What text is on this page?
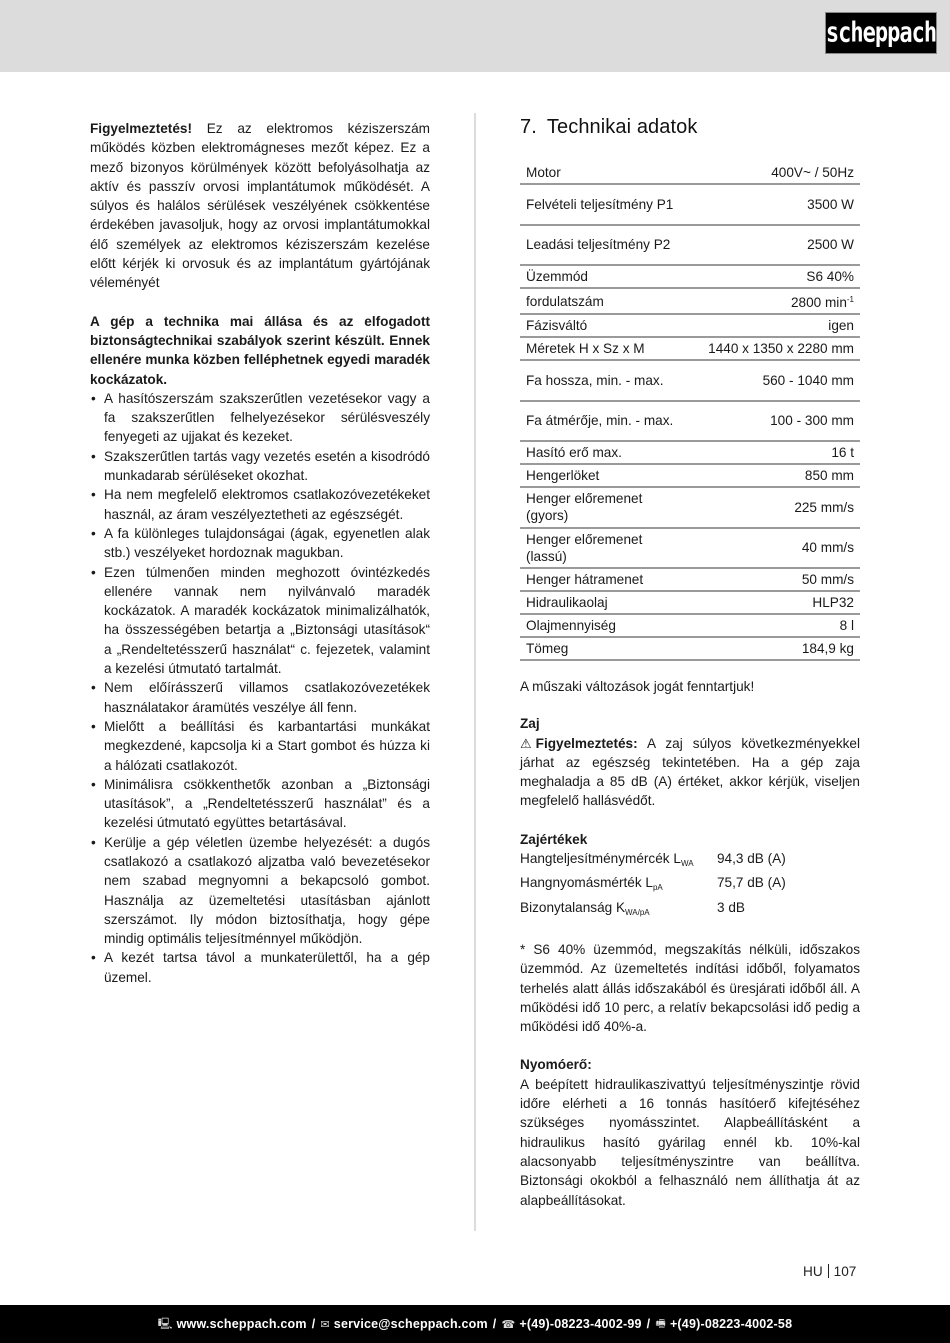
scheppach

Figyelmeztetés! Ez az elektromos kéziszerszám működés közben elektromágneses mezőt képez. Ez a mező bizonyos körülmények között befolyásolhatja az aktív és passzív orvosi implantátumok működését. A súlyos és halálos sérülések veszélyének csökkentése érdekében javasoljuk, hogy az orvosi implantátumokkal élő személyek az elektromos kéziszerszám kezelése előtt kérjék ki orvosuk és az implantátum gyártójának véleményét

A gép a technika mai állása és az elfogadott biztonságtechnikai szabályok szerint készült. Ennek ellenére munka közben felléphetnek egyedi maradék kockázatok.

• A hasítószerszám szakszerűtlen vezetésekor vagy a fa szakszerűtlen felhelyezésekor sérülésveszély fenyegeti az ujjakat és kezeket.
• Szakszerűtlen tartás vagy vezetés esetén a kisodródó munkadarab sérüléseket okozhat.
• Ha nem megfelelő elektromos csatlakozóvezetékeket használ, az áram veszélyeztetheti az egészségét.
• A fa különleges tulajdonságai (ágak, egyenetlen alak stb.) veszélyeket hordoznak magukban.
• Ezen túlmenően minden meghozott óvintézkedés ellenére vannak nem nyilvánvaló maradék kockázatok. A maradék kockázatok minimalizálhatók, ha összességében betartja a „Biztonsági utasítások“ a „Rendeltetésszerű használat“ c. fejezetek, valamint a kezelési útmutató tartalmát.
• Nem előírásszerű villamos csatlakozóvezetékek használatakor áramütés veszélye áll fenn.
• Mielőtt a beállítási és karbantartási munkákat megkezdené, kapcsolja ki a Start gombot és húzza ki a hálózati csatlakozót.
• Minimálisra csökkenthetők azonban a „Biztonsági utasítások”, a „Rendeltetésszerű használat” és a kezelési útmutató együttes betartásával.
• Kerülje a gép véletlen üzembe helyezését: a dugós csatlakozó a csatlakozó aljzatba való bevezetésekor nem szabad megnyomni a bekapcsoló gombot. Használja az üzemeltetési utasításban ajánlott szerszámot. Ily módon biztosíthatja, hogy gépe mindig optimális teljesítménnyel működjön.
• A kezét tartsa távol a munkaterülettől, ha a gép üzemel.
7. Technikai adatok
Motor	400V~ / 50Hz
Felvételi teljesítmény P1	3500 W
Leadási teljesítmény P2	2500 W
Üzemmód	S6 40%
fordulatszám	2800 $\min^{-1}$
Fázisváltó	igen
Méretek H x Sz x M	1440 x 1350 x 2280 mm
Fa hossza, min. - max.	560 - 1040 mm
Fa átmérője, min. - max.	100 - 300 mm
Hasító erő max.	16 t
Hengerlöket	850 mm
Henger előremenet (gyors)	225 mm/s
Henger előremenet (lassú)	40 mm/s
Henger hátramenet	50 mm/s
Hidraulikaolaj	HLP32
Olajmennyiség	8 l
Tömeg	184,9 kg

A műszaki változások jogát fenntartjuk!

Zaj

⚠ Figyelmeztetés: A zaj súlyos következményekkel járhat az egészség tekintetében. Ha a gép zaja meghaladja a 85 dB (A) értéket, akkor kérjük, viseljen megfelelő hallásvédőt.

Zajértékek
Hangteljesítménymércék $L_{WA}$	94,3 dB (A)
Hangnyomásmérték $L_{pA}$	75,7 dB (A)
Bizonytalanság $K_{WA/pA}$	3 dB

* S6 40% üzemmód, megszakítás nélküli, időszakos üzemmód. Az üzemeltetés indítási időből, folyamatos terhelés alatt állás időszakából és üresjárati időből áll. A működési idő 10 perc, a relatív bekapcsolási idő pedig a működési idő 40%-a.

Nyomóerő:

A beépített hidraulikaszivattyú teljesítményszintje rövid időre elérheti a 16 tonnás hasítóerő kifejtéséhez szükséges nyomásszintet. Alapbeállításként a hidraulikus hasító gyárilag ennél kb. 10%-kal alacsonyabb teljesítményszintre van beállítva. Biztonsági okokból a felhasználó nem állíthatja át az alapbeállításokat.

HU 107
🖳︎ www.scheppach.com / ✉︎ service@scheppach.com / ☎︎ +(49)-08223-4002-99 / 🖷︎ +(49)-08223-4002-58
